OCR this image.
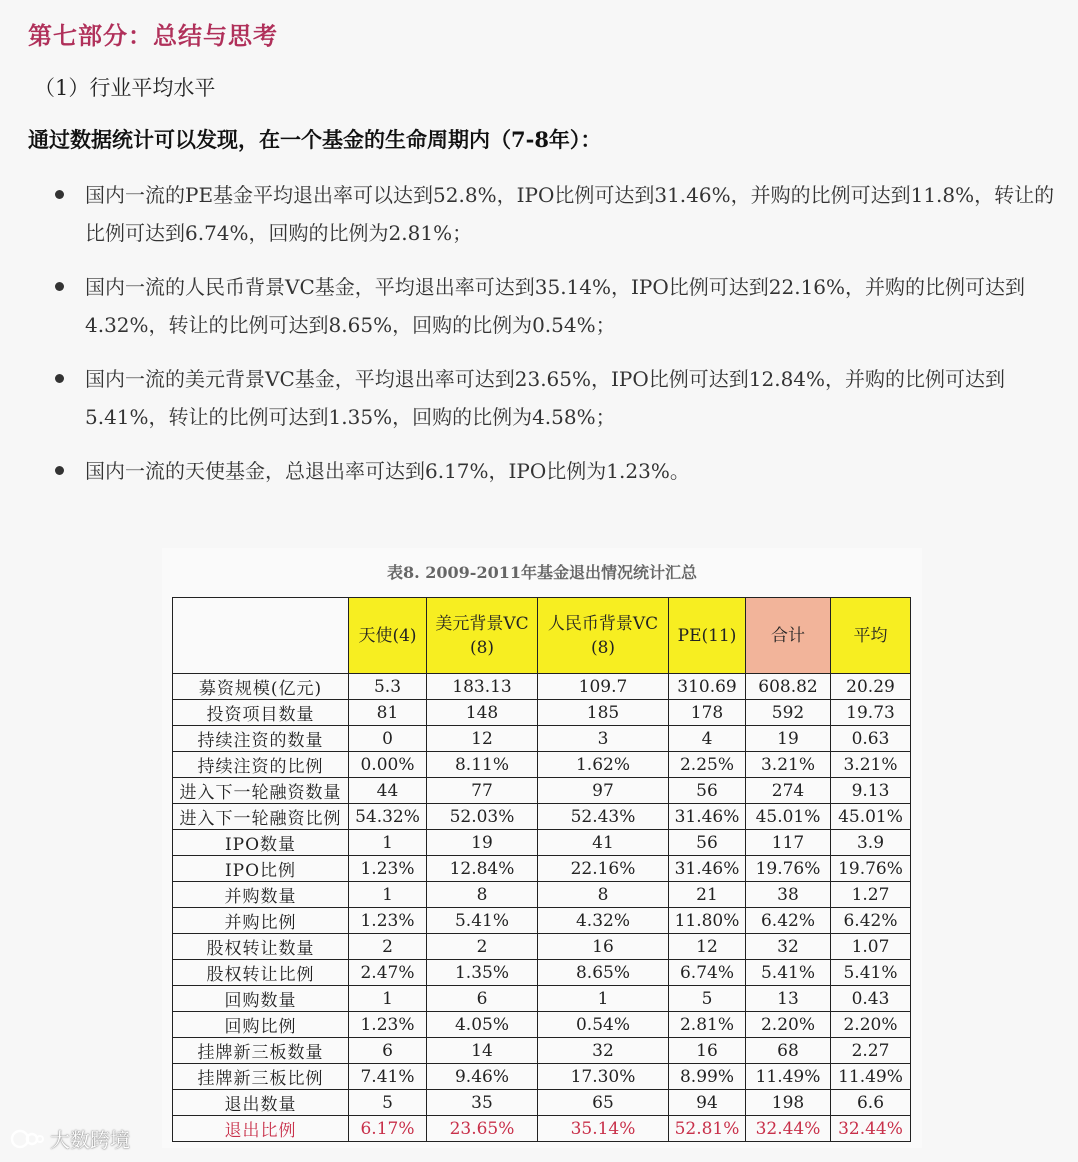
第七部分：总结与思考
（1）行业平均水平
通过数据统计可以发现，在一个基金的生命周期内（7-8年）：
国内一流的PE基金平均退出率可以达到52.8%，IPO比例可达到31.46%，并购的比例可达到11.8%，转让的比例可达到6.74%，回购的比例为2.81%；
国内一流的人民币背景VC基金，平均退出率可达到35.14%，IPO比例可达到22.16%，并购的比例可达到4.32%，转让的比例可达到8.65%，回购的比例为0.54%；
国内一流的美元背景VC基金，平均退出率可达到23.65%，IPO比例可达到12.84%，并购的比例可达到5.41%，转让的比例可达到1.35%，回购的比例为4.58%；
国内一流的天使基金，总退出率可达到6.17%，IPO比例为1.23%。
表8. 2009-2011年基金退出情况统计汇总
	天使(4)	美元背景VC (8)	人民币背景VC (8)	PE(11)	合计	平均
募资规模(亿元)	5.3	183.13	109.7	310.69	608.82	20.29
投资项目数量	81	148	185	178	592	19.73
持续注资的数量	0	12	3	4	19	0.63
持续注资的比例	0.00%	8.11%	1.62%	2.25%	3.21%	3.21%
进入下一轮融资数量	44	77	97	56	274	9.13
进入下一轮融资比例	54.32%	52.03%	52.43%	31.46%	45.01%	45.01%
IPO数量	1	19	41	56	117	3.9
IPO比例	1.23%	12.84%	22.16%	31.46%	19.76%	19.76%
并购数量	1	8	8	21	38	1.27
并购比例	1.23%	5.41%	4.32%	11.80%	6.42%	6.42%
股权转让数量	2	2	16	12	32	1.07
股权转让比例	2.47%	1.35%	8.65%	6.74%	5.41%	5.41%
回购数量	1	6	1	5	13	0.43
回购比例	1.23%	4.05%	0.54%	2.81%	2.20%	2.20%
挂牌新三板数量	6	14	32	16	68	2.27
挂牌新三板比例	7.41%	9.46%	17.30%	8.99%	11.49%	11.49%
退出数量	5	35	65	94	198	6.6
退出比例	6.17%	23.65%	35.14%	52.81%	32.44%	32.44%
大数跨境
